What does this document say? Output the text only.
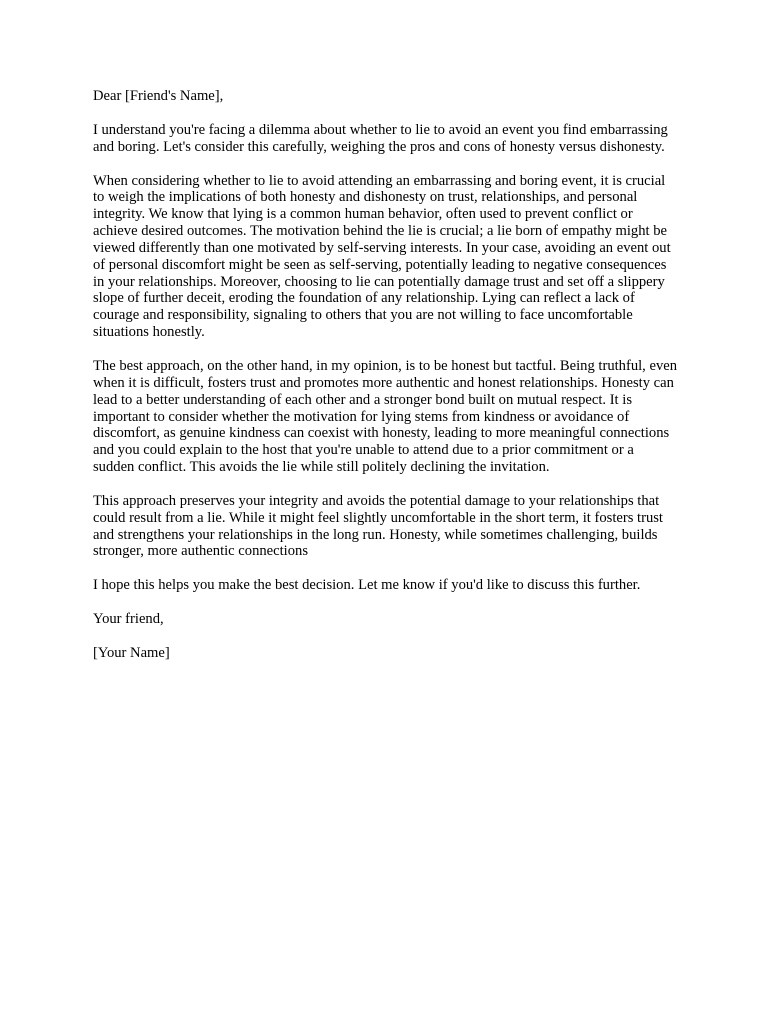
Dear [Friend's Name],

I understand you're facing a dilemma about whether to lie to avoid an event you find embarrassing and boring. Let's consider this carefully, weighing the pros and cons of honesty versus dishonesty.

When considering whether to lie to avoid attending an embarrassing and boring event, it is crucial to weigh the implications of both honesty and dishonesty on trust, relationships, and personal integrity. We know that lying is a common human behavior, often used to prevent conflict or achieve desired outcomes. The motivation behind the lie is crucial; a lie born of empathy might be viewed differently than one motivated by self-serving interests. In your case, avoiding an event out of personal discomfort might be seen as self-serving, potentially leading to negative consequences in your relationships. Moreover, choosing to lie can potentially damage trust and set off a slippery slope of further deceit, eroding the foundation of any relationship. Lying can reflect a lack of courage and responsibility, signaling to others that you are not willing to face uncomfortable situations honestly.

The best approach, on the other hand, in my opinion, is to be honest but tactful. Being truthful, even when it is difficult, fosters trust and promotes more authentic and honest relationships. Honesty can lead to a better understanding of each other and a stronger bond built on mutual respect. It is important to consider whether the motivation for lying stems from kindness or avoidance of discomfort, as genuine kindness can coexist with honesty, leading to more meaningful connections and you could explain to the host that you're unable to attend due to a prior commitment or a sudden conflict. This avoids the lie while still politely declining the invitation.

This approach preserves your integrity and avoids the potential damage to your relationships that could result from a lie. While it might feel slightly uncomfortable in the short term, it fosters trust and strengthens your relationships in the long run. Honesty, while sometimes challenging, builds stronger, more authentic connections

I hope this helps you make the best decision. Let me know if you'd like to discuss this further.

Your friend,

[Your Name]
